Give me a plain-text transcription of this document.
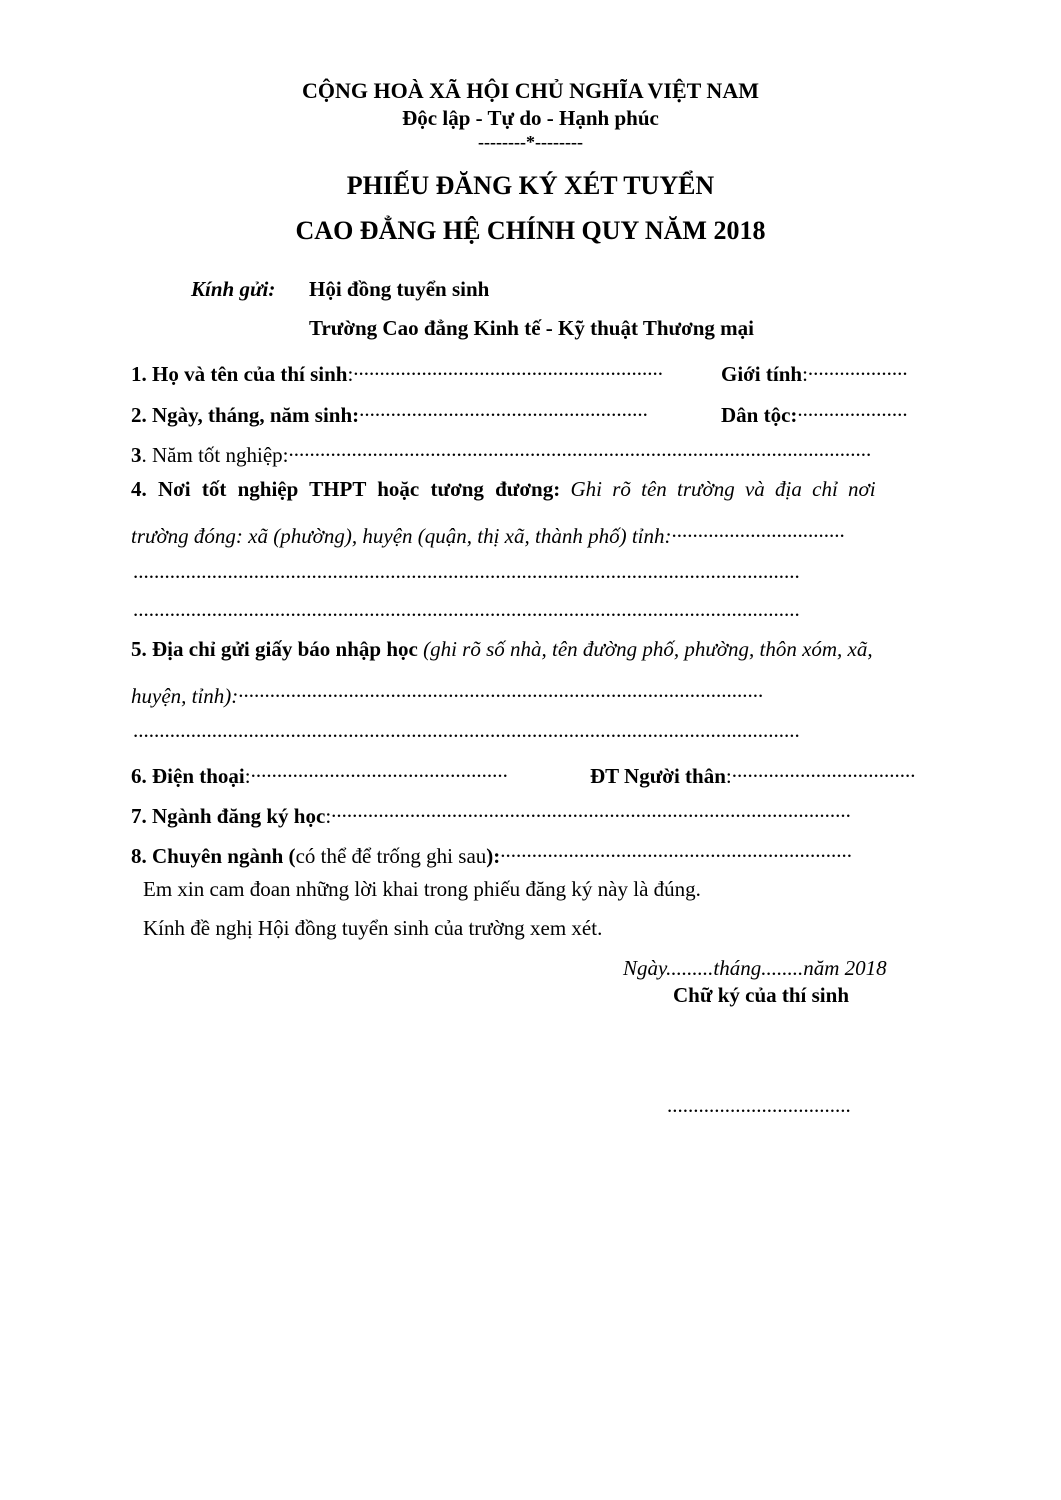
CỘNG HOÀ XÃ HỘI CHỦ NGHĨA VIỆT NAM
Độc lập - Tự do - Hạnh phúc
--------*--------
PHIẾU ĐĂNG KÝ XÉT TUYỂN
CAO ĐẲNG HỆ CHÍNH QUY NĂM 2018
Kính gửi: Hội đồng tuyển sinh
Trường Cao đẳng Kinh tế - Kỹ thuật Thương mại
1. Họ và tên của thí sinh:...........................................................	Giới tính:...................
2. Ngày, tháng, năm sinh:.......................................................	Dân tộc:.....................
3. Năm tốt nghiệp:...............................................................................................................
4. Nơi tốt nghiệp THPT hoặc tương đương: Ghi rõ tên trường và địa chỉ nơi
trường đóng: xã (phường), huyện (quận, thị xã, thành phố) tỉnh:.................................
...............................................................................................................................
...............................................................................................................................
5. Địa chỉ gửi giấy báo nhập học (ghi rõ số nhà, tên đường phố, phường, thôn xóm, xã,
huyện, tỉnh):....................................................................................................
...............................................................................................................................
6. Điện thoại:.................................................	ĐT Người thân:...................................
7. Ngành đăng ký học:...................................................................................................
8. Chuyên ngành (có thể để trống ghi sau):...................................................................
Em xin cam đoan những lời khai trong phiếu đăng ký này là đúng.
Kính đề nghị Hội đồng tuyển sinh của trường xem xét.
Ngày.........tháng........năm 2018
Chữ ký của thí sinh
...................................
